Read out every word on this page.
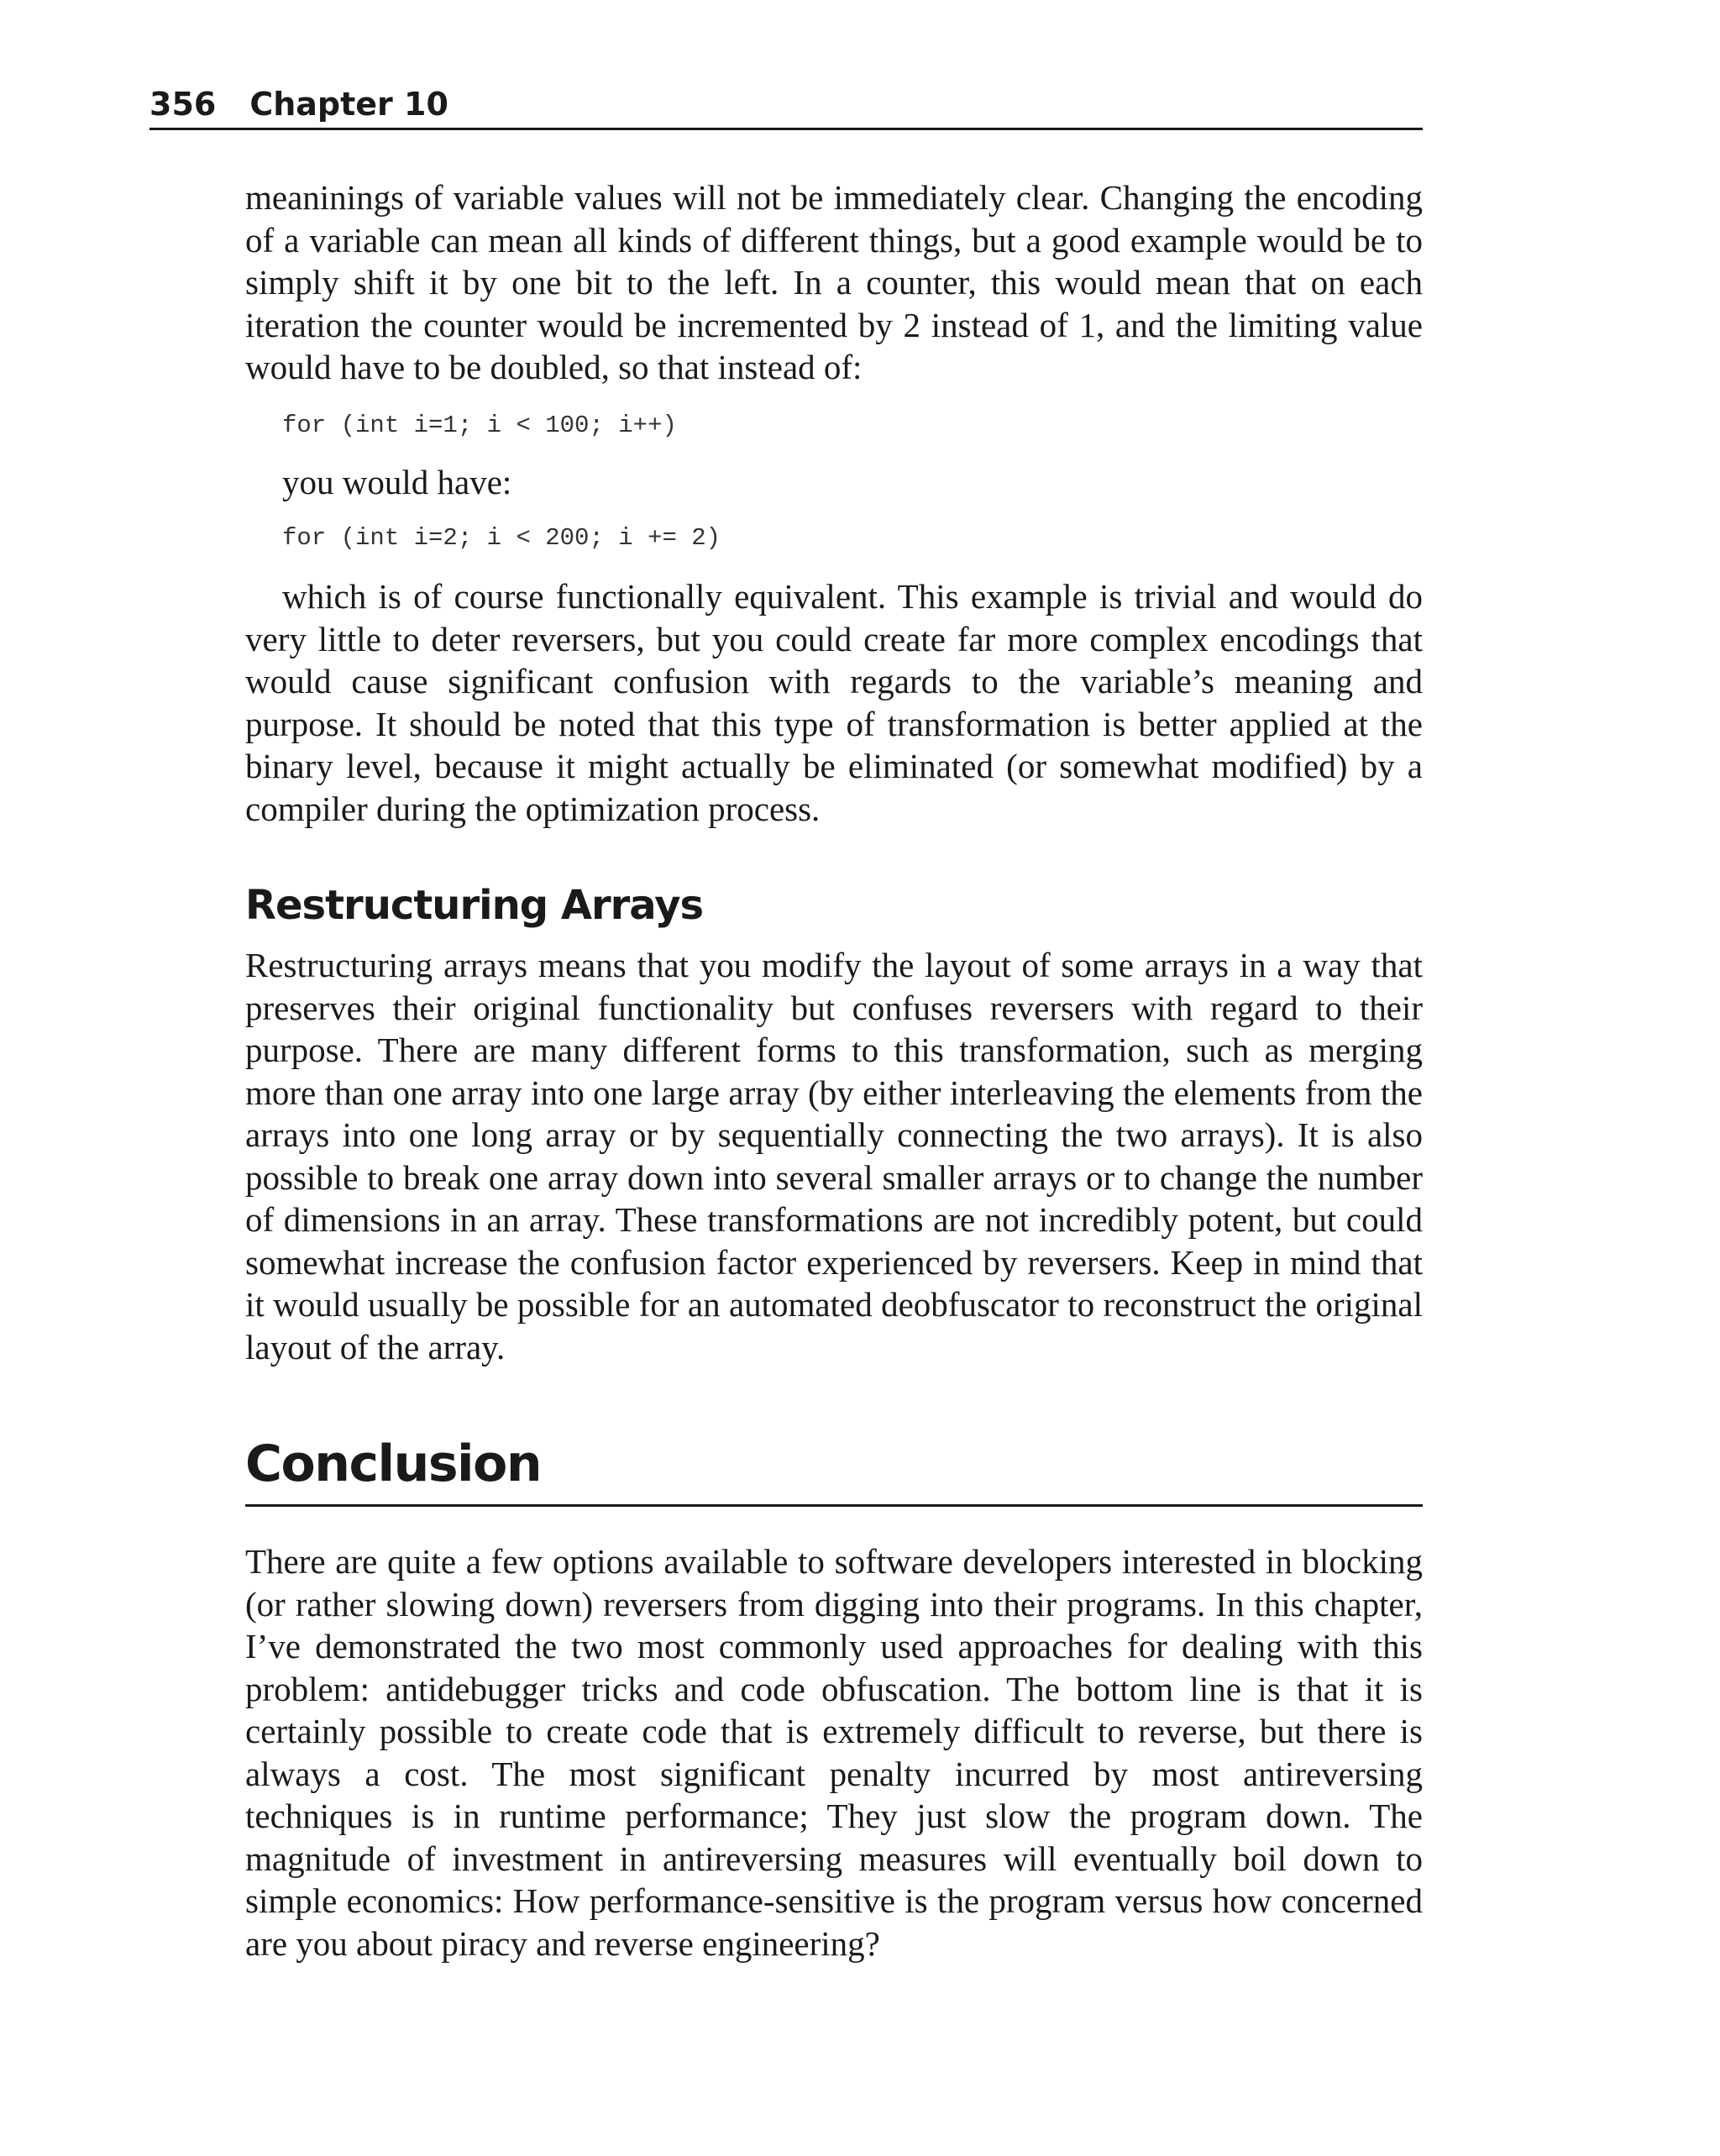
356 Chapter 10

meaninings of variable values will not be immediately clear. Changing the encoding of a variable can mean all kinds of different things, but a good example would be to simply shift it by one bit to the left. In a counter, this would mean that on each iteration the counter would be incremented by 2 instead of 1, and the limiting value would have to be doubled, so that instead of:

for (int i=1; i < 100; i++)

you would have:

for (int i=2; i < 200; i += 2)

which is of course functionally equivalent. This example is trivial and would do very little to deter reversers, but you could create far more complex encodings that would cause significant confusion with regards to the variable’s meaning and purpose. It should be noted that this type of transformation is better applied at the binary level, because it might actually be eliminated (or somewhat modified) by a compiler during the optimization process.

Restructuring Arrays

Restructuring arrays means that you modify the layout of some arrays in a way that preserves their original functionality but confuses reversers with regard to their purpose. There are many different forms to this transformation, such as merging more than one array into one large array (by either interleaving the elements from the arrays into one long array or by sequentially connecting the two arrays). It is also possible to break one array down into several smaller arrays or to change the number of dimensions in an array. These transformations are not incredibly potent, but could somewhat increase the confusion factor experienced by reversers. Keep in mind that it would usually be possible for an automated deobfuscator to reconstruct the original layout of the array.

Conclusion

There are quite a few options available to software developers interested in blocking (or rather slowing down) reversers from digging into their programs. In this chapter, I’ve demonstrated the two most commonly used approaches for dealing with this problem: antidebugger tricks and code obfuscation. The bottom line is that it is certainly possible to create code that is extremely difficult to reverse, but there is always a cost. The most significant penalty incurred by most antireversing techniques is in runtime performance; They just slow the program down. The magnitude of investment in antireversing measures will eventually boil down to simple economics: How performance-sensitive is the program versus how concerned are you about piracy and reverse engineering?
